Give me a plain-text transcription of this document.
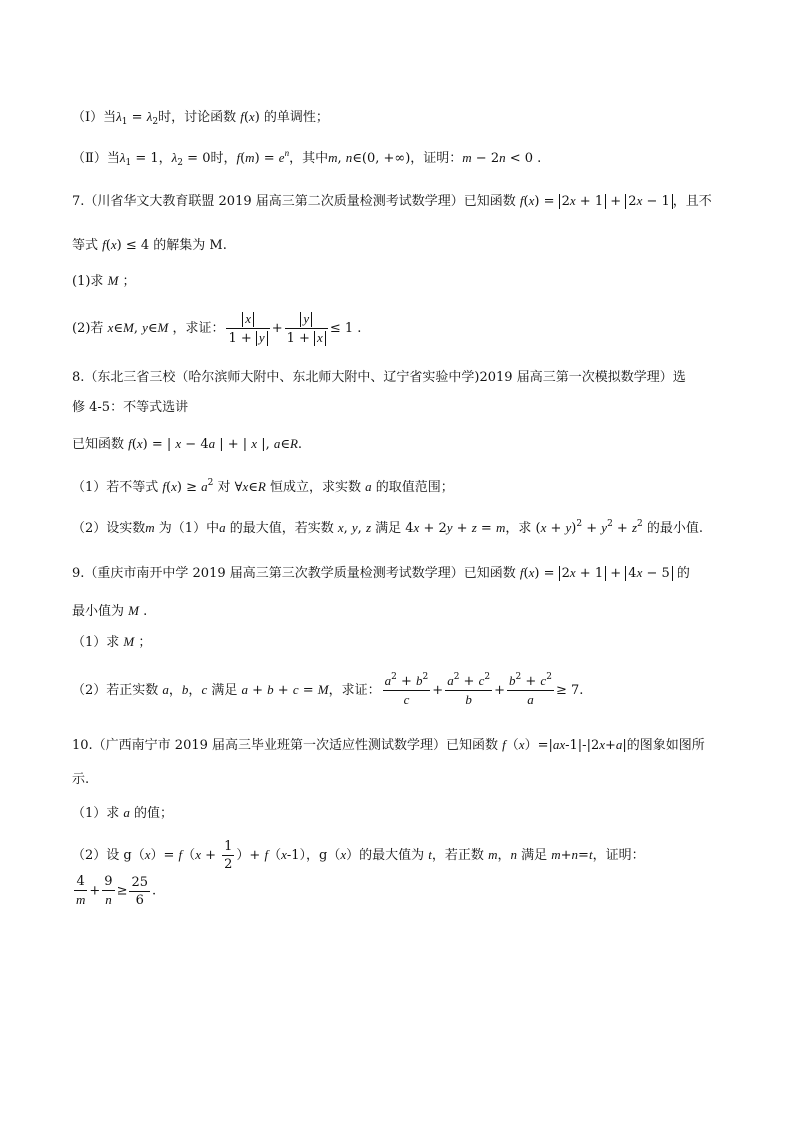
（Ⅰ）当$\lambda_1 = \lambda_2$时，讨论函数 f(x) 的单调性；
（Ⅱ）当$\lambda_1 = 1$，$\lambda_2 = 0$时，$f(m) = e^n$，其中m, n∈(0, +∞)，证明：m − 2n < 0 .
7.（川省华文大教育联盟 2019 届高三第二次质量检测考试数学理）已知函数 f(x) = 2x + 1 + 2x − 1 ，且不
等式 f(x) ≤ 4 的解集为 M.
(1)求 M ；
(2)若 x∈M, y∈M ，求证： $\frac{x}{1 + y} + \frac{y}{1 + x} \le 1$ .
8.（东北三省三校（哈尔滨师大附中、东北师大附中、辽宁省实验中学)2019 届高三第一次模拟数学理）选
修 4-5：不等式选讲
已知函数 f(x) = | x − 4a | + | x |, a∈R.
（1）若不等式 $f(x) \ge a^2$ 对 ∀x∈R 恒成立，求实数 a 的取值范围；
（2）设实数m 为（1）中a 的最大值，若实数 x, y, z 满足 4x + 2y + z = m，求 $(x + y)^2 + y^2 + z^2$ 的最小值.
9.（重庆市南开中学 2019 届高三第三次教学质量检测考试数学理）已知函数 f(x) = 2x + 1 + 4x − 5 的
最小值为 M .
（1）求 M ；
（2）若正实数 a，b，c 满足 a + b + c = M，求证： $\frac{a^2 + b^2}{c} + \frac{a^2 + c^2}{b} + \frac{b^2 + c^2}{a} \ge 7$.
10.（广西南宁市 2019 届高三毕业班第一次适应性测试数学理）已知函数 f（x）=|ax-1|-|2x+a|的图象如图所
示.
（1）求 a 的值；
（2）设 $g(x)= f(x + \frac{1}{2}$ ）+ f（x-1），g（x）的最大值为 t，若正数 m，n 满足 m+n=t，证明：
$\frac{4}{m} + \frac{9}{n} \ge \frac{25}{6}$ .
